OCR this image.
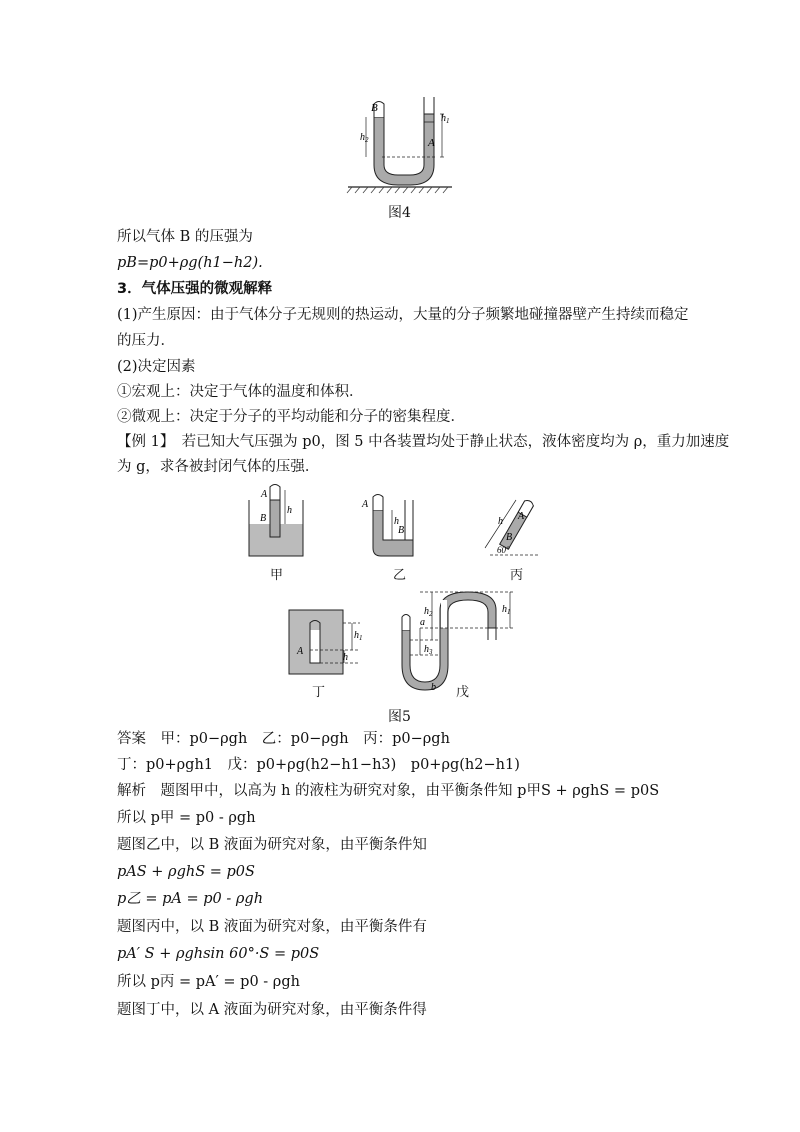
B
A
$h_2$
$h_1$
图4
所以气体 B 的压强为
pB=p0+ρg(h1−h2).
3．气体压强的微观解释
(1)产生原因：由于气体分子无规则的热运动，大量的分子频繁地碰撞器壁产生持续而稳定
的压力．
(2)决定因素
①宏观上：决定于气体的温度和体积．
②微观上：决定于分子的平均动能和分子的密集程度．
【例 1】　若已知大气压强为 p0，图 5 中各装置均处于静止状态，液体密度均为 ρ，重力加速度
为 g，求各被封闭气体的压强．
A
B
h
甲
A
h
B
乙
A
h
B
60°
丙
A
h
$h_1$
丁
a
b
$h_2$
$h_3$
$h_1$
戊
图5
答案　甲：p0−ρgh　乙：p0−ρgh　丙：p0−ρgh
丁：p0+ρgh1　戊：p0+ρg(h2−h1−h3)　p0+ρg(h2−h1)
解析　题图甲中，以高为 h 的液柱为研究对象，由平衡条件知 p甲S + ρghS = p0S
所以 p甲 = p0 - ρgh
题图乙中，以 B 液面为研究对象，由平衡条件知
pAS + ρghS = p0S
p乙 = pA = p0 - ρgh
题图丙中，以 B 液面为研究对象，由平衡条件有
pA′ S + ρghsin 60°·S = p0S
所以 p丙 = pA′ = p0 - ρgh
题图丁中，以 A 液面为研究对象，由平衡条件得
